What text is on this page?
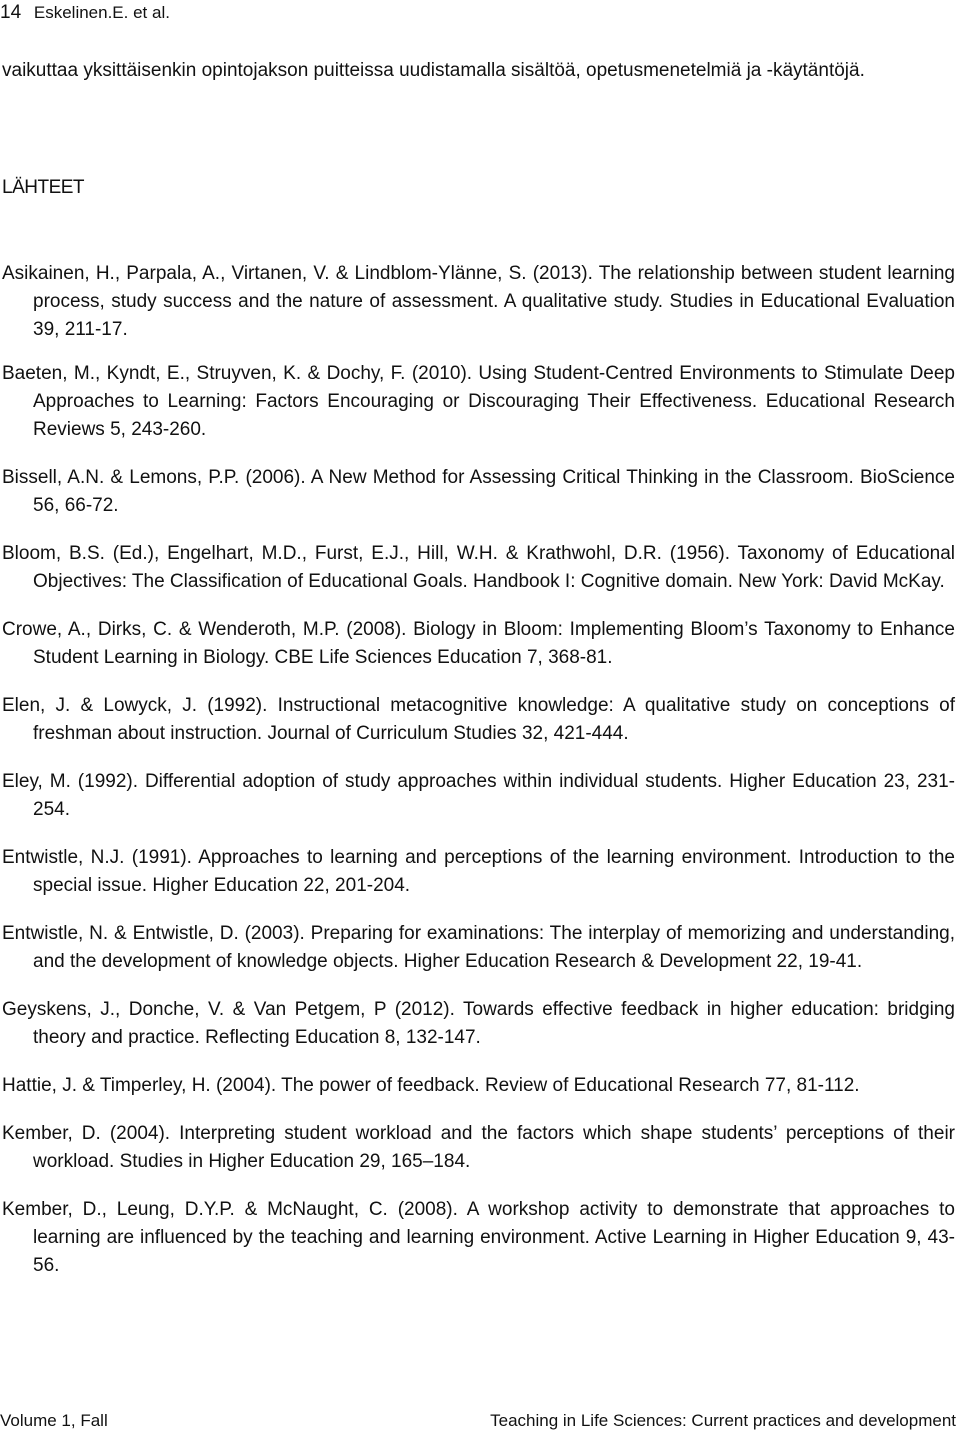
14 Eskelinen.E. et al.
vaikuttaa yksittäisenkin opintojakson puitteissa uudistamalla sisältöä, opetusmenetelmiä ja -käytäntöjä.
LÄHTEET

Asikainen, H., Parpala, A., Virtanen, V. & Lindblom-Ylänne, S. (2013). The relationship between student learning process, study success and the nature of assessment. A qualitative study. Studies in Educational Evaluation 39, 211-17.

Baeten, M., Kyndt, E., Struyven, K. & Dochy, F. (2010). Using Student-Centred Environments to Stimulate Deep Approaches to Learning: Factors Encouraging or Discouraging Their Effectiveness. Educational Research Reviews 5, 243-260.

Bissell, A.N. & Lemons, P.P. (2006). A New Method for Assessing Critical Thinking in the Classroom. BioScience 56, 66-72.

Bloom, B.S. (Ed.), Engelhart, M.D., Furst, E.J., Hill, W.H. & Krathwohl, D.R. (1956). Taxonomy of Educational Objectives: The Classification of Educational Goals. Handbook I: Cognitive domain. New York: David McKay.

Crowe, A., Dirks, C. & Wenderoth, M.P. (2008). Biology in Bloom: Implementing Bloom’s Taxonomy to Enhance Student Learning in Biology. CBE Life Sciences Education 7, 368-81.

Elen, J. & Lowyck, J. (1992). Instructional metacognitive knowledge: A qualitative study on conceptions of freshman about instruction. Journal of Curriculum Studies 32, 421-444.

Eley, M. (1992). Differential adoption of study approaches within individual students. Higher Education 23, 231-254.

Entwistle, N.J. (1991). Approaches to learning and perceptions of the learning environment. Introduction to the special issue. Higher Education 22, 201-204.

Entwistle, N. & Entwistle, D. (2003). Preparing for examinations: The interplay of memorizing and understanding, and the development of knowledge objects. Higher Education Research & Development 22, 19-41.

Geyskens, J., Donche, V. & Van Petgem, P (2012). Towards effective feedback in higher education: bridging theory and practice. Reflecting Education 8, 132-147.

Hattie, J. & Timperley, H. (2004). The power of feedback. Review of Educational Research 77, 81-112.

Kember, D. (2004). Interpreting student workload and the factors which shape students’ perceptions of their workload. Studies in Higher Education 29, 165–184.

Kember, D., Leung, D.Y.P. & McNaught, C. (2008). A workshop activity to demonstrate that approaches to learning are influenced by the teaching and learning environment. Active Learning in Higher Education 9, 43-56.

Volume 1, Fall	Teaching in Life Sciences: Current practices and development
